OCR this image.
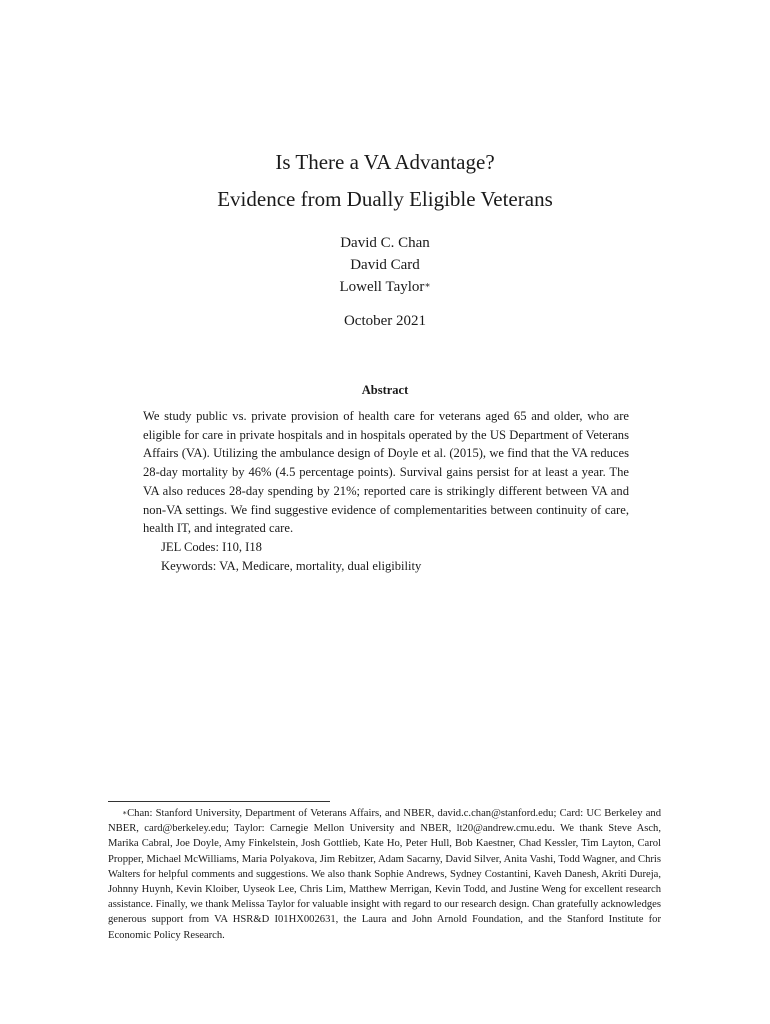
Is There a VA Advantage?
Evidence from Dually Eligible Veterans
David C. Chan
David Card
Lowell Taylor∗
October 2021
Abstract

We study public vs. private provision of health care for veterans aged 65 and older, who are eligible for care in private hospitals and in hospitals operated by the US Department of Veterans Affairs (VA). Utilizing the ambulance design of Doyle et al. (2015), we find that the VA reduces 28-day mortality by 46% (4.5 percentage points). Survival gains persist for at least a year. The VA also reduces 28-day spending by 21%; reported care is strikingly different between VA and non-VA settings. We find suggestive evidence of complementarities between continuity of care, health IT, and integrated care.

JEL Codes: I10, I18

Keywords: VA, Medicare, mortality, dual eligibility

∗Chan: Stanford University, Department of Veterans Affairs, and NBER, david.c.chan@stanford.edu; Card: UC Berkeley and NBER, card@berkeley.edu; Taylor: Carnegie Mellon University and NBER, lt20@andrew.cmu.edu. We thank Steve Asch, Marika Cabral, Joe Doyle, Amy Finkelstein, Josh Gottlieb, Kate Ho, Peter Hull, Bob Kaestner, Chad Kessler, Tim Layton, Carol Propper, Michael McWilliams, Maria Polyakova, Jim Rebitzer, Adam Sacarny, David Silver, Anita Vashi, Todd Wagner, and Chris Walters for helpful comments and suggestions. We also thank Sophie Andrews, Sydney Costantini, Kaveh Danesh, Akriti Dureja, Johnny Huynh, Kevin Kloiber, Uyseok Lee, Chris Lim, Matthew Merrigan, Kevin Todd, and Justine Weng for excellent research assistance. Finally, we thank Melissa Taylor for valuable insight with regard to our research design. Chan gratefully acknowledges generous support from VA HSR&D I01HX002631, the Laura and John Arnold Foundation, and the Stanford Institute for Economic Policy Research.
